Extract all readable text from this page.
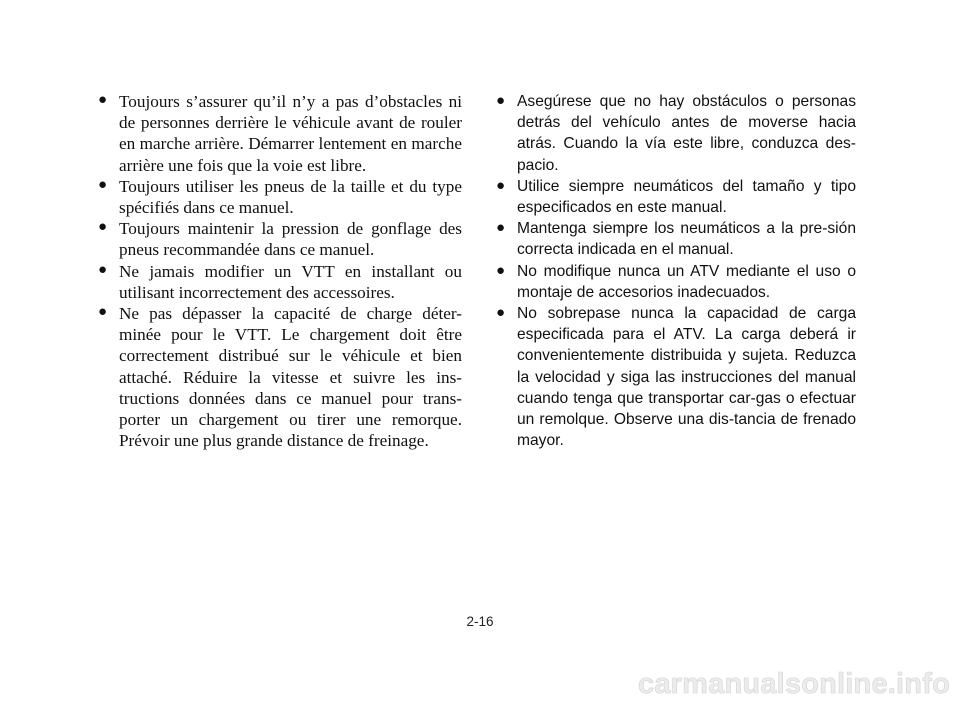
● Toujours s’assurer qu’il n’y a pas d’obstacles ni de personnes derrière le véhicule avant de rouler en marche arrière. Démarrer lentement en marche arrière une fois que la voie est libre.
● Toujours utiliser les pneus de la taille et du type spécifiés dans ce manuel.
● Toujours maintenir la pression de gonflage des pneus recommandée dans ce manuel.
● Ne jamais modifier un VTT en installant ou utilisant incorrectement des accessoires.
● Ne pas dépasser la capacité de charge déter-minée pour le VTT. Le chargement doit être correctement distribué sur le véhicule et bien attaché. Réduire la vitesse et suivre les ins-tructions données dans ce manuel pour trans-porter un chargement ou tirer une remorque. Prévoir une plus grande distance de freinage.
● Asegúrese que no hay obstáculos o personas detrás del vehículo antes de moverse hacia atrás. Cuando la vía este libre, conduzca des-pacio.
● Utilice siempre neumáticos del tamaño y tipo especificados en este manual.
● Mantenga siempre los neumáticos a la pre-sión correcta indicada en el manual.
● No modifique nunca un ATV mediante el uso o montaje de accesorios inadecuados.
● No sobrepase nunca la capacidad de carga especificada para el ATV. La carga deberá ir convenientemente distribuida y sujeta. Reduzca la velocidad y siga las instrucciones del manual cuando tenga que transportar car-gas o efectuar un remolque. Observe una dis-tancia de frenado mayor.
2-16
carmanualsonline.info
